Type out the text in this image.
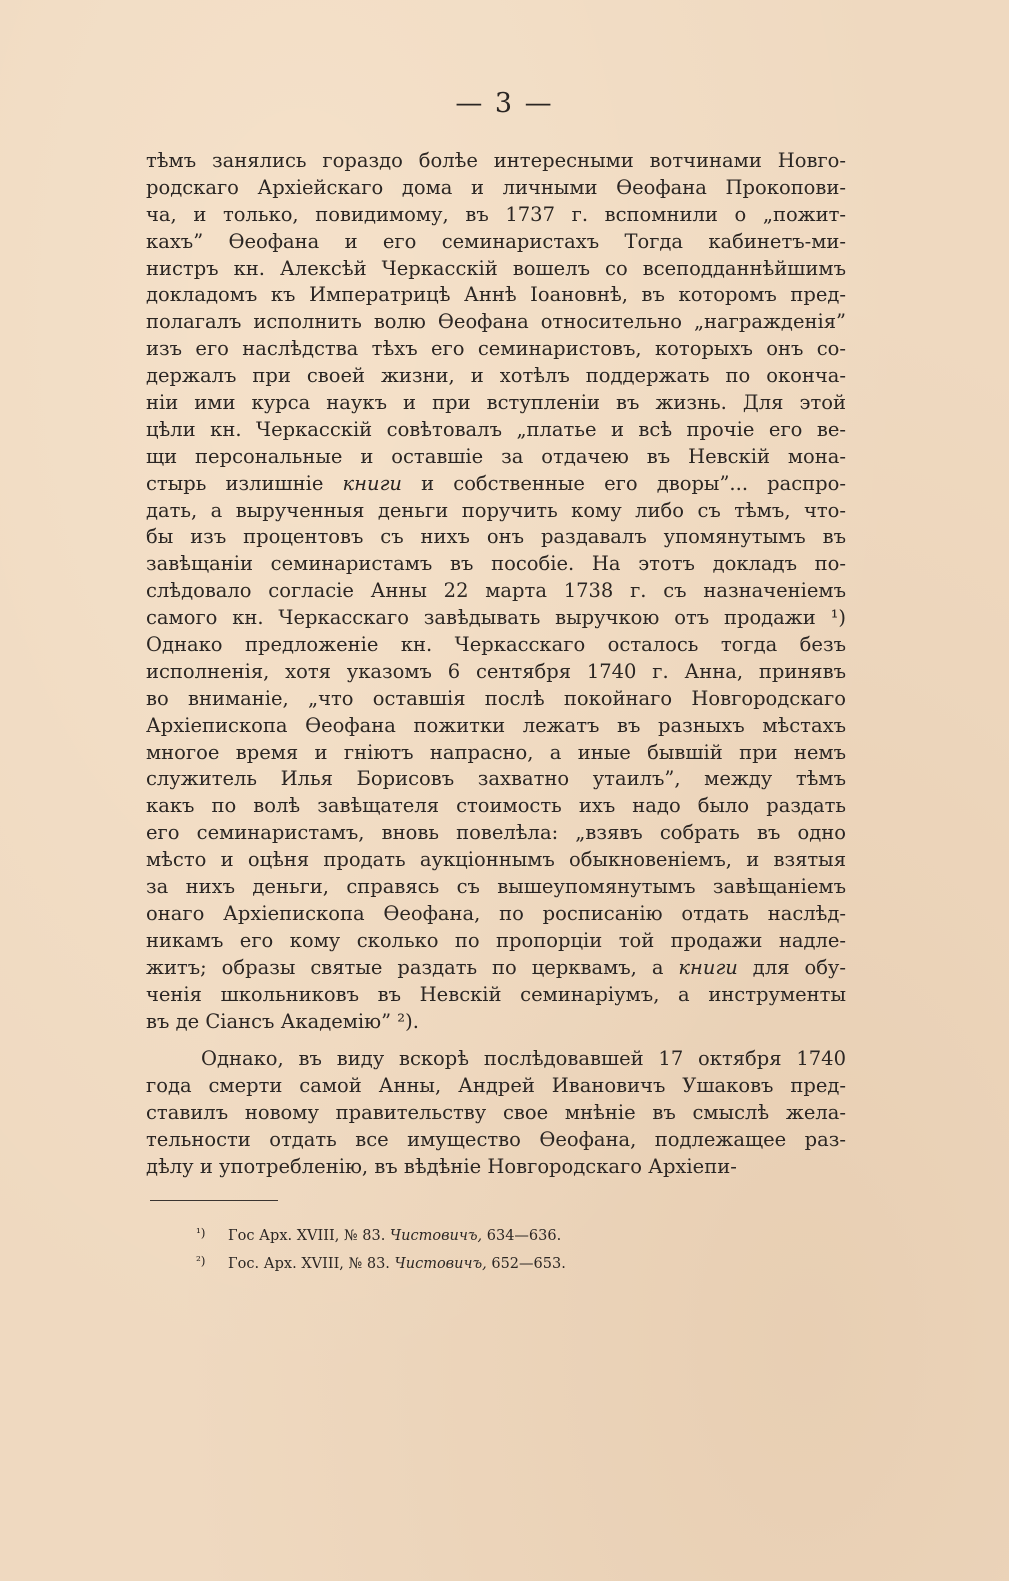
— 3 —
тѣмъ занялись гораздо болѣе интересными вотчинами Новго-
родскаго Архіейскаго дома и личными Ѳеофана Прокопови-
ча, и только, повидимому, въ 1737 г. вспомнили о „пожит-
кахъ” Ѳеофана и его семинаристахъ Тогда кабинетъ-ми-
нистръ кн. Алексѣй Черкасскій вошелъ со всеподданнѣйшимъ
докладомъ къ Императрицѣ Аннѣ Іоановнѣ, въ которомъ пред-
полагалъ исполнить волю Ѳеофана относительно „награжденія”
изъ его наслѣдства тѣхъ его семинаристовъ, которыхъ онъ со-
держалъ при своей жизни, и хотѣлъ поддержать по оконча-
ніи ими курса наукъ и при вступленіи въ жизнь. Для этой
цѣли кн. Черкасскій совѣтовалъ „платье и всѣ прочіе его ве-
щи персональные и оставшіе за отдачею въ Невскій мона-
стырь излишніе книги и собственные его дворы”... распро-
дать, а вырученныя деньги поручить кому либо съ тѣмъ, что-
бы изъ процентовъ съ нихъ онъ раздавалъ упомянутымъ въ
завѣщаніи семинаристамъ въ пособіе. На этотъ докладъ по-
слѣдовало согласіе Анны 22 марта 1738 г. съ назначеніемъ
самого кн. Черкасскаго завѣдывать выручкою отъ продажи ¹)
Однако предложеніе кн. Черкасскаго осталось тогда безъ
исполненія, хотя указомъ 6 сентября 1740 г. Анна, принявъ
во вниманіе, „что оставшія послѣ покойнаго Новгородскаго
Архіепископа Ѳеофана пожитки лежатъ въ разныхъ мѣстахъ
многое время и гніютъ напрасно, а иные бывшій при немъ
служитель Илья Борисовъ захватно утаилъ”, между тѣмъ
какъ по волѣ завѣщателя стоимость ихъ надо было раздать
его семинаристамъ, вновь повелѣла: „взявъ собрать въ одно
мѣсто и оцѣня продать аукціоннымъ обыкновеніемъ, и взятыя
за нихъ деньги, справясь съ вышеупомянутымъ завѣщаніемъ
онаго Архіепископа Ѳеофана, по росписанію отдать наслѣд-
никамъ его кому сколько по пропорціи той продажи надле-
житъ; образы святые раздать по церквамъ, а книги для обу-
ченія школьниковъ въ Невскій семинаріумъ, а инструменты
въ де Сіансъ Академію” ²).
Однако, въ виду вскорѣ послѣдовавшей 17 октября 1740
года смерти самой Анны, Андрей Ивановичъ Ушаковъ пред-
ставилъ новому правительству свое мнѣніе въ смыслѣ жела-
тельности отдать все имущество Ѳеофана, подлежащее раз-
дѣлу и употребленію, въ вѣдѣніе Новгородскаго Архіепи-
¹) Гос Арх. XVIII, № 83. Чистовичъ, 634—636.
²) Гос. Арх. XVIII, № 83. Чистовичъ, 652—653.
